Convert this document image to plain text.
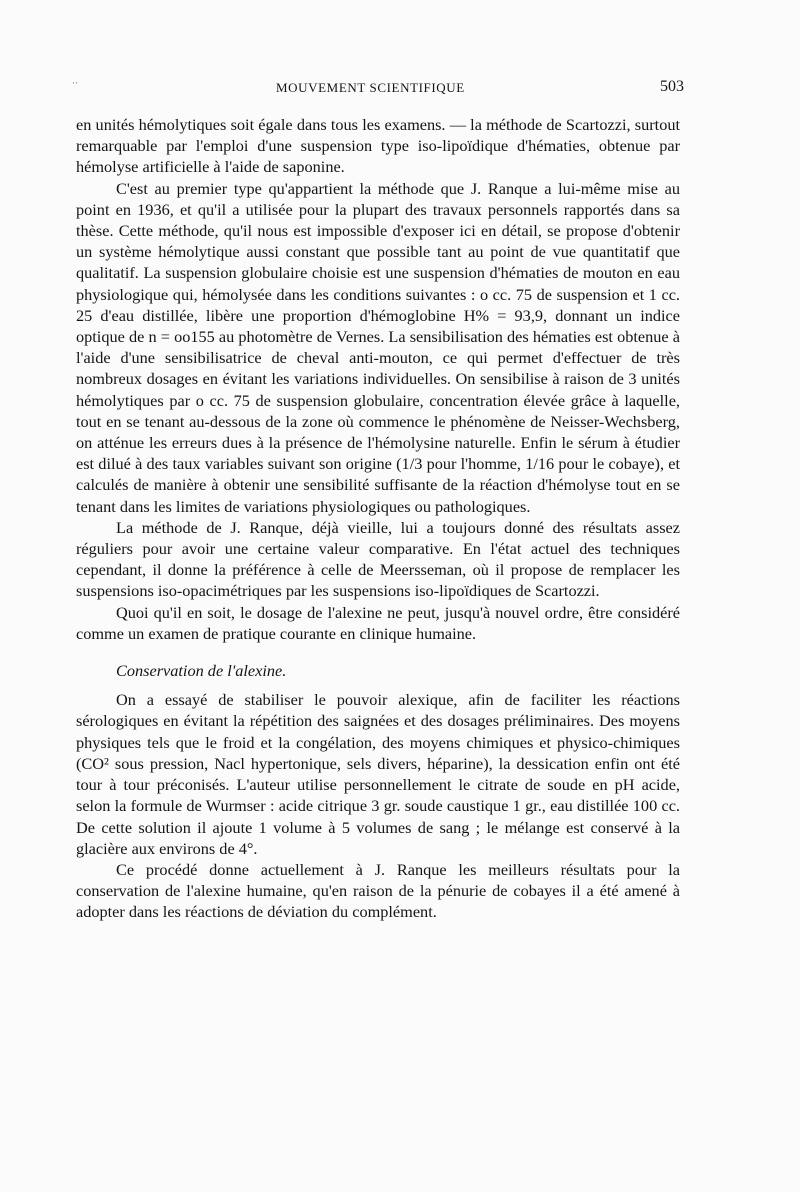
··	MOUVEMENT SCIENTIFIQUE	503

en unités hémolytiques soit égale dans tous les examens. — la méthode de Scartozzi, surtout remarquable par l'emploi d'une suspension type iso-lipoïdique d'hématies, obtenue par hémolyse artificielle à l'aide de saponine.

C'est au premier type qu'appartient la méthode que J. Ranque a lui-même mise au point en 1936, et qu'il a utilisée pour la plupart des travaux personnels rapportés dans sa thèse. Cette méthode, qu'il nous est impossible d'exposer ici en détail, se propose d'obtenir un système hémolytique aussi constant que possible tant au point de vue quantitatif que qualitatif. La suspension globulaire choisie est une suspension d'hématies de mouton en eau physiologique qui, hémolysée dans les conditions suivantes : o cc. 75 de suspension et 1 cc. 25 d'eau distillée, libère une proportion d'hémoglobine H% = 93,9, donnant un indice optique de n = oo155 au photomètre de Vernes. La sensibilisation des hématies est obtenue à l'aide d'une sensibilisatrice de cheval anti-mouton, ce qui permet d'effectuer de très nombreux dosages en évitant les variations individuelles. On sensibilise à raison de 3 unités hémolytiques par o cc. 75 de suspension globulaire, concentration élevée grâce à laquelle, tout en se tenant au-dessous de la zone où commence le phénomène de Neisser-Wechsberg, on atténue les erreurs dues à la présence de l'hémolysine naturelle. Enfin le sérum à étudier est dilué à des taux variables suivant son origine (1/3 pour l'homme, 1/16 pour le cobaye), et calculés de manière à obtenir une sensibilité suffisante de la réaction d'hémolyse tout en se tenant dans les limites de variations physiologiques ou pathologiques.

La méthode de J. Ranque, déjà vieille, lui a toujours donné des résultats assez réguliers pour avoir une certaine valeur comparative. En l'état actuel des techniques cependant, il donne la préférence à celle de Meersseman, où il propose de remplacer les suspensions iso-opacimétriques par les suspensions iso-lipoïdiques de Scartozzi.

Quoi qu'il en soit, le dosage de l'alexine ne peut, jusqu'à nouvel ordre, être considéré comme un examen de pratique courante en clinique humaine.

Conservation de l'alexine.

On a essayé de stabiliser le pouvoir alexique, afin de faciliter les réactions sérologiques en évitant la répétition des saignées et des dosages préliminaires. Des moyens physiques tels que le froid et la congélation, des moyens chimiques et physico-chimiques (CO² sous pression, Nacl hypertonique, sels divers, héparine), la dessication enfin ont été tour à tour préconisés. L'auteur utilise personnellement le citrate de soude en pH acide, selon la formule de Wurmser : acide citrique 3 gr. soude caustique 1 gr., eau distillée 100 cc. De cette solution il ajoute 1 volume à 5 volumes de sang ; le mélange est conservé à la glacière aux environs de 4°.

Ce procédé donne actuellement à J. Ranque les meilleurs résultats pour la conservation de l'alexine humaine, qu'en raison de la pénurie de cobayes il a été amené à adopter dans les réactions de déviation du complément.
